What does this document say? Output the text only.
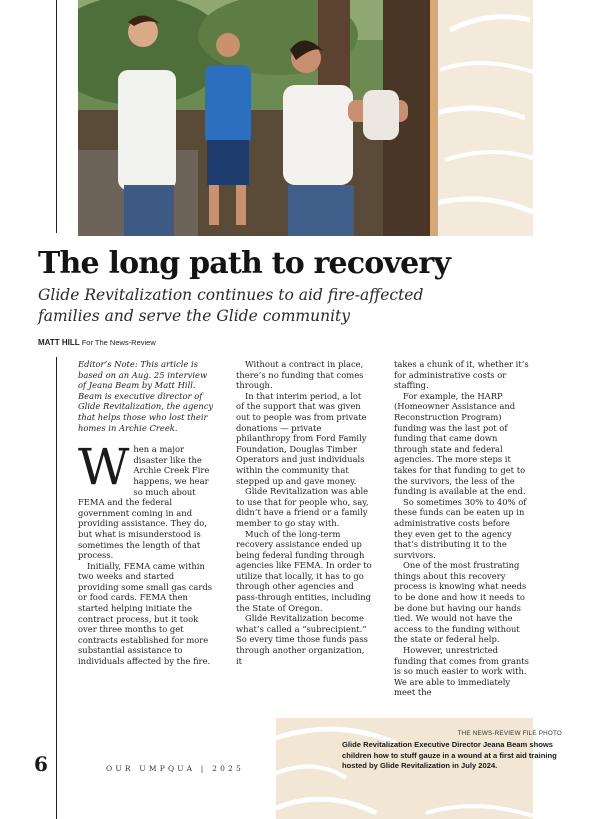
The long path to recovery

Glide Revitalization continues to aid fire-affected families and serve the Glide community

MATT HILL For The News-Review

Editor’s Note: This article is based on an Aug. 25 interview of Jeana Beam by Matt Hill. Beam is executive director of Glide Revitalization, the agency that helps those who lost their homes in Archie Creek.

When a major disaster like the Archie Creek Fire happens, we hear so much about FEMA and the federal government coming in and providing assistance. They do, but what is misunderstood is sometimes the length of that process.

Initially, FEMA came within two weeks and started providing some small gas cards or food cards. FEMA then started helping initiate the contract process, but it took over three months to get contracts established for more substantial assistance to individuals affected by the fire.

Without a contract in place, there’s no funding that comes through.

In that interim period, a lot of the support that was given out to people was from private donations — private philanthropy from Ford Family Foundation, Douglas Timber Operators and just individuals within the community that stepped up and gave money.

Glide Revitalization was able to use that for people who, say, didn’t have a friend or a family member to go stay with.

Much of the long-term recovery assistance ended up being federal funding through agencies like FEMA. In order to utilize that locally, it has to go through other agencies and pass-through entities, including the State of Oregon.

Glide Revitalization become what’s called a “subrecipient.” So every time those funds pass through another organization, it

takes a chunk of it, whether it’s for administrative costs or staffing.

For example, the HARP (Homeowner Assistance and Reconstruction Program) funding was the last pot of funding that came down through state and federal agencies. The more steps it takes for that funding to get to the survivors, the less of the funding is available at the end.

So sometimes 30% to 40% of these funds can be eaten up in administrative costs before they even get to the agency that’s distributing it to the survivors.

One of the most frustrating things about this recovery process is knowing what needs to be done and how it needs to be done but having our hands tied. We would not have the access to the funding without the state or federal help.

However, unrestricted funding that comes from grants is so much easier to work with. We are able to immediately meet the

THE NEWS-REVIEW FILE PHOTO
Glide Revitalization Executive Director Jeana Beam shows children how to stuff gauze in a wound at a first aid training hosted by Glide Revitalization in July 2024.
6	OUR UMPQUA | 2025
